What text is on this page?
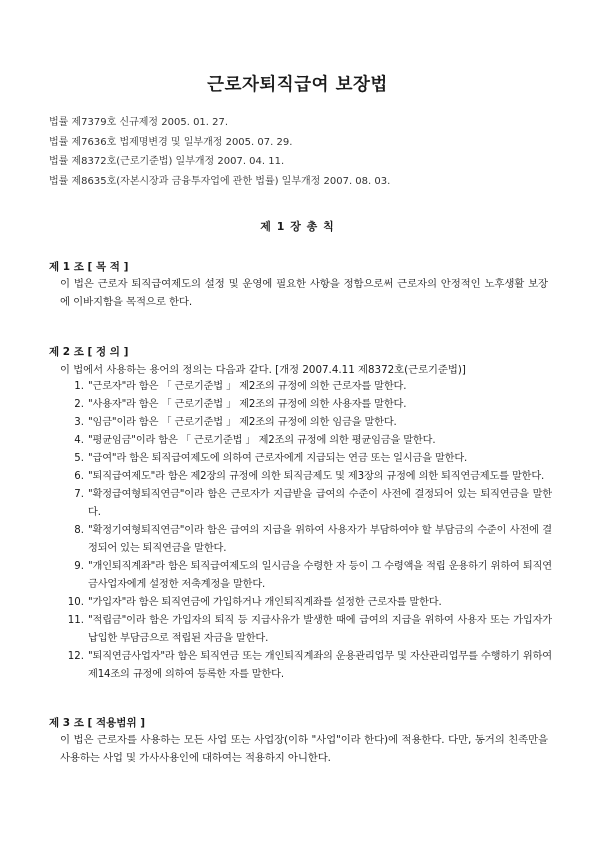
근로자퇴직급여 보장법
법률 제7379호 신규제정 2005. 01. 27.
법률 제7636호 법제명변경 및 일부개정 2005. 07. 29.
법률 제8372호(근로기준법) 일부개정 2007. 04. 11.
법률 제8635호(자본시장과 금융투자업에 관한 법률) 일부개정 2007. 08. 03.
제 1 장 총 칙
제 1 조 [ 목 적 ]
이 법은 근로자 퇴직급여제도의 설정 및 운영에 필요한 사항을 정함으로써 근로자의 안정적인 노후생활 보장에 이바지함을 목적으로 한다.
제 2 조 [ 정 의 ]
이 법에서 사용하는 용어의 정의는 다음과 같다. [개정 2007.4.11 제8372호(근로기준법)]
1. "근로자"라 함은 「 근로기준법 」 제2조의 규정에 의한 근로자를 말한다.
2. "사용자"라 함은 「 근로기준법 」 제2조의 규정에 의한 사용자를 말한다.
3. "임금"이라 함은 「 근로기준법 」 제2조의 규정에 의한 임금을 말한다.
4. "평균임금"이라 함은 「 근로기준법 」 제2조의 규정에 의한 평균임금을 말한다.
5. "급여"라 함은 퇴직급여제도에 의하여 근로자에게 지급되는 연금 또는 일시금을 말한다.
6. "퇴직급여제도"라 함은 제2장의 규정에 의한 퇴직금제도 및 제3장의 규정에 의한 퇴직연금제도를 말한다.
7. "확정급여형퇴직연금"이라 함은 근로자가 지급받을 급여의 수준이 사전에 결정되어 있는 퇴직연금을 말한다.
8. "확정기여형퇴직연금"이라 함은 급여의 지급을 위하여 사용자가 부담하여야 할 부담금의 수준이 사전에 결정되어 있는 퇴직연금을 말한다.
9. "개인퇴직계좌"라 함은 퇴직급여제도의 일시금을 수령한 자 등이 그 수령액을 적립 운용하기 위하여 퇴직연금사업자에게 설정한 저축계정을 말한다.
10. "가입자"라 함은 퇴직연금에 가입하거나 개인퇴직계좌를 설정한 근로자를 말한다.
11. "적립금"이라 함은 가입자의 퇴직 등 지급사유가 발생한 때에 급여의 지급을 위하여 사용자 또는 가입자가 납입한 부담금으로 적립된 자금을 말한다.
12. "퇴직연금사업자"라 함은 퇴직연금 또는 개인퇴직계좌의 운용관리업무 및 자산관리업무를 수행하기 위하여 제14조의 규정에 의하여 등록한 자를 말한다.
제 3 조 [ 적용범위 ]
이 법은 근로자를 사용하는 모든 사업 또는 사업장(이하 "사업"이라 한다)에 적용한다. 다만, 동거의 친족만을 사용하는 사업 및 가사사용인에 대하여는 적용하지 아니한다.
